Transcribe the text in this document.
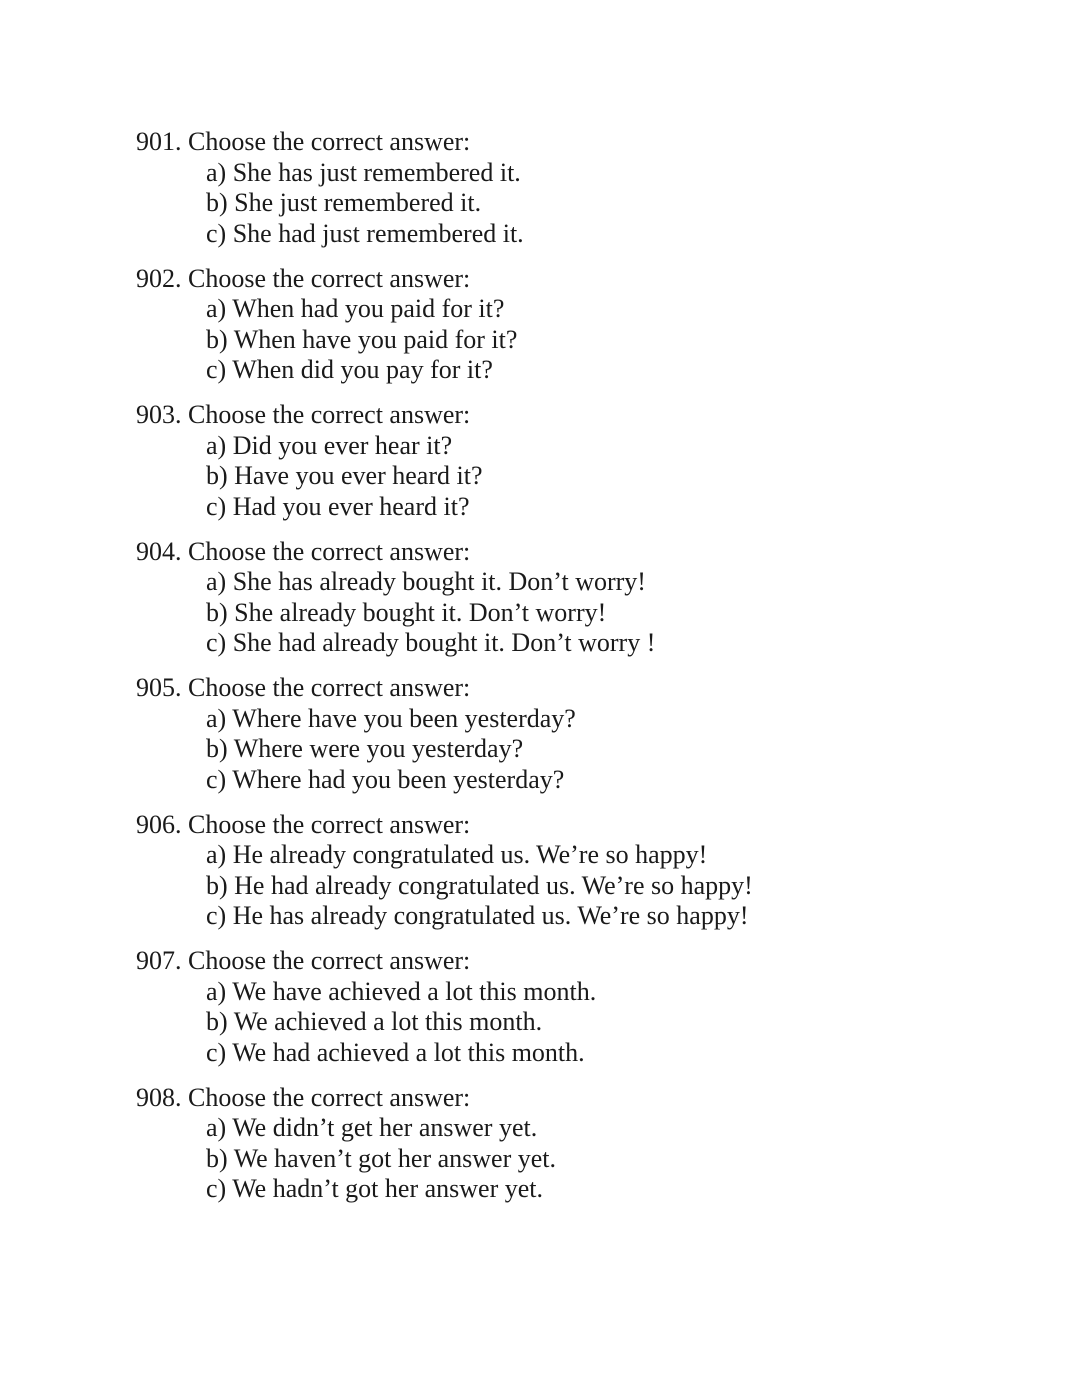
901. Choose the correct answer:
a) She has just remembered it.
b) She just remembered it.
c) She had just remembered it.
902. Choose the correct answer:
a) When had you paid for it?
b) When have you paid for it?
c) When did you pay for it?
903. Choose the correct answer:
a) Did you ever hear it?
b) Have you ever heard it?
c) Had you ever heard it?
904. Choose the correct answer:
a) She has already bought it. Don’t worry!
b) She already bought it. Don’t worry!
c) She had already bought it. Don’t worry !
905. Choose the correct answer:
a) Where have you been yesterday?
b) Where were you yesterday?
c) Where had you been yesterday?
906. Choose the correct answer:
a) He already congratulated us. We’re so happy!
b) He had already congratulated us. We’re so happy!
c) He has already congratulated us. We’re so happy!
907. Choose the correct answer:
a) We have achieved a lot this month.
b) We achieved a lot this month.
c) We had achieved a lot this month.
908. Choose the correct answer:
a) We didn’t get her answer yet.
b) We haven’t got her answer yet.
c) We hadn’t got her answer yet.
